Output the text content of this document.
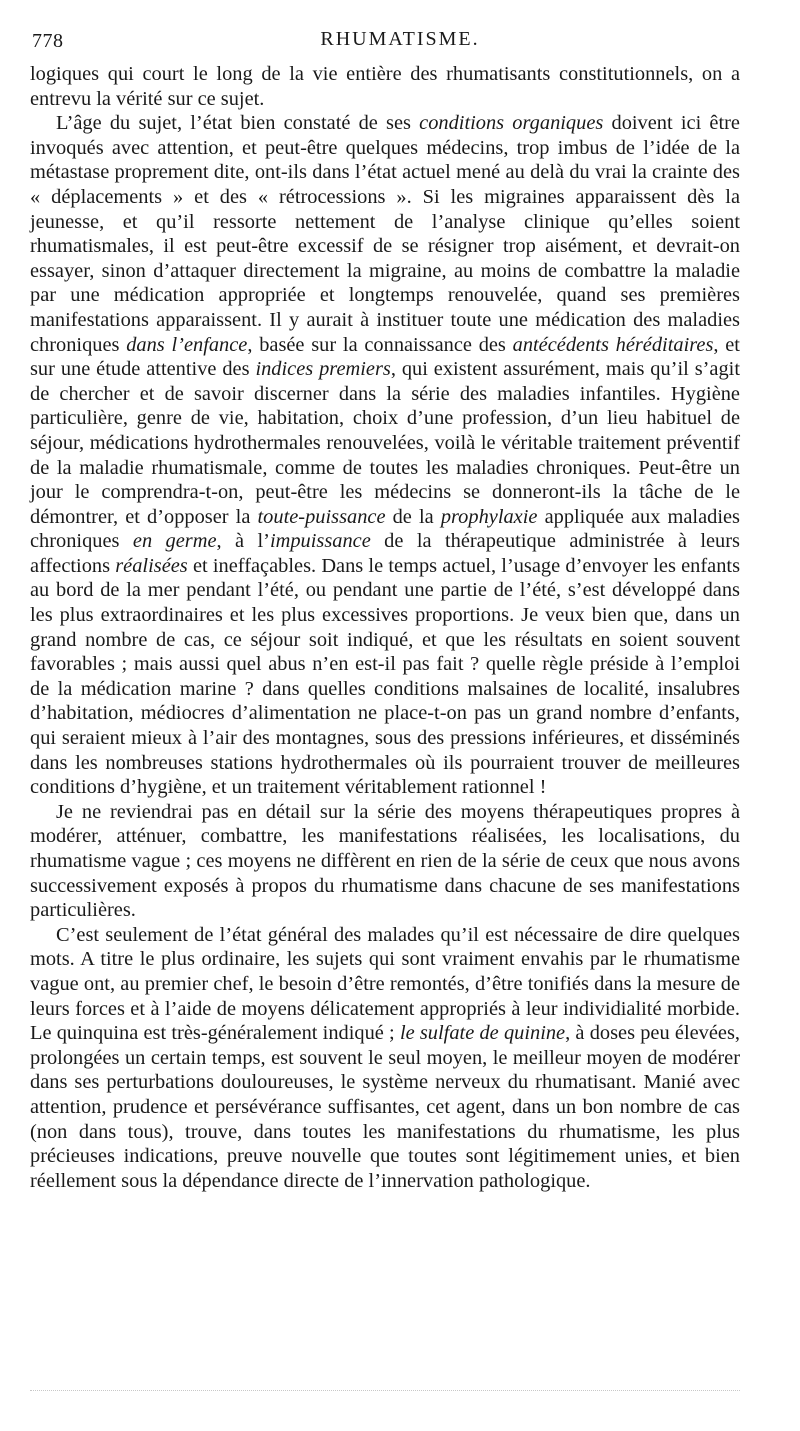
778	RHUMATISME.

logiques qui court le long de la vie entière des rhumatisants constitutionnels, on a entrevu la vérité sur ce sujet.

L’âge du sujet, l’état bien constaté de ses conditions organiques doivent ici être invoqués avec attention, et peut-être quelques médecins, trop imbus de l’idée de la métastase proprement dite, ont-ils dans l’état actuel mené au delà du vrai la crainte des « déplacements » et des « rétrocessions ». Si les migraines apparaissent dès la jeunesse, et qu’il ressorte nettement de l’analyse clinique qu’elles soient rhumatismales, il est peut-être excessif de se résigner trop aisément, et devrait-on essayer, sinon d’attaquer directement la migraine, au moins de combattre la maladie par une médication appropriée et longtemps renouvelée, quand ses premières manifestations apparaissent. Il y aurait à instituer toute une médication des maladies chroniques dans l’enfance, basée sur la connaissance des antécédents héréditaires, et sur une étude attentive des indices premiers, qui existent assurément, mais qu’il s’agit de chercher et de savoir discerner dans la série des maladies infantiles. Hygiène particulière, genre de vie, habitation, choix d’une profession, d’un lieu habituel de séjour, médications hydrothermales renouvelées, voilà le véritable traitement préventif de la maladie rhumatismale, comme de toutes les maladies chroniques. Peut-être un jour le comprendra-t-on, peut-être les médecins se donneront-ils la tâche de le démontrer, et d’opposer la toute-puissance de la prophylaxie appliquée aux maladies chroniques en germe, à l’impuissance de la thérapeutique administrée à leurs affections réalisées et ineffaçables. Dans le temps actuel, l’usage d’envoyer les enfants au bord de la mer pendant l’été, ou pendant une partie de l’été, s’est développé dans les plus extraordinaires et les plus excessives proportions. Je veux bien que, dans un grand nombre de cas, ce séjour soit indiqué, et que les résultats en soient souvent favorables ; mais aussi quel abus n’en est-il pas fait ? quelle règle préside à l’emploi de la médication marine ? dans quelles conditions malsaines de localité, insalubres d’habitation, médiocres d’alimentation ne place-t-on pas un grand nombre d’enfants, qui seraient mieux à l’air des montagnes, sous des pressions inférieures, et disséminés dans les nombreuses stations hydrothermales où ils pourraient trouver de meilleures conditions d’hygiène, et un traitement véritablement rationnel !

Je ne reviendrai pas en détail sur la série des moyens thérapeutiques propres à modérer, atténuer, combattre, les manifestations réalisées, les localisations, du rhumatisme vague ; ces moyens ne diffèrent en rien de la série de ceux que nous avons successivement exposés à propos du rhumatisme dans chacune de ses manifestations particulières.

C’est seulement de l’état général des malades qu’il est nécessaire de dire quelques mots. A titre le plus ordinaire, les sujets qui sont vraiment envahis par le rhumatisme vague ont, au premier chef, le besoin d’être remontés, d’être tonifiés dans la mesure de leurs forces et à l’aide de moyens délicatement appropriés à leur individialité morbide. Le quinquina est très-généralement indiqué ; le sulfate de quinine, à doses peu élevées, prolongées un certain temps, est souvent le seul moyen, le meilleur moyen de modérer dans ses perturbations douloureuses, le système nerveux du rhumatisant. Manié avec attention, prudence et persévérance suffisantes, cet agent, dans un bon nombre de cas (non dans tous), trouve, dans toutes les manifestations du rhumatisme, les plus précieuses indications, preuve nouvelle que toutes sont légitimement unies, et bien réellement sous la dépendance directe de l’innervation pathologique.
